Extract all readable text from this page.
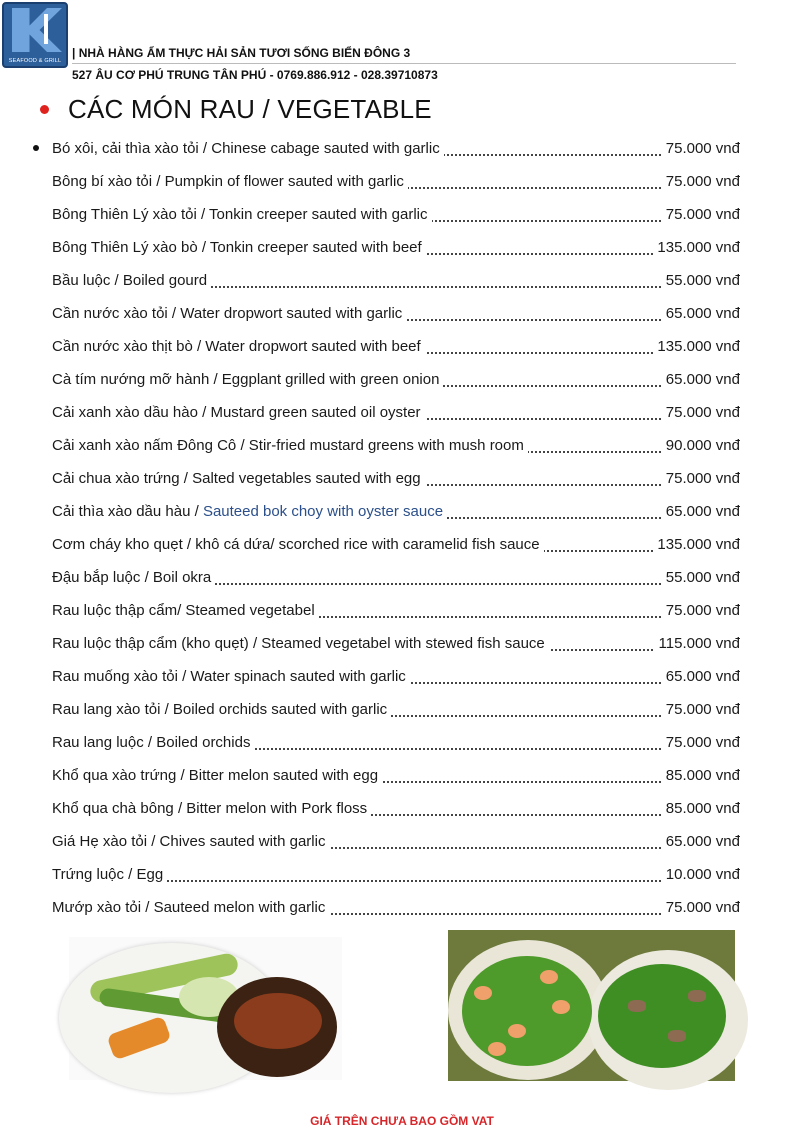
SEAFOOD & GRILL
| NHÀ HÀNG ẨM THỰC HẢI SẢN TƯƠI SỐNG BIỂN ĐÔNG 3
527 ÂU CƠ PHÚ TRUNG TÂN PHÚ - 0769.886.912 - 028.39710873
CÁC MÓN RAU / VEGETABLE
Bó xôi, cải thìa xào tỏi / Chinese cabage sauted with garlic	75.000 vnđ
Bông bí xào tỏi / Pumpkin of flower sauted with garlic	75.000 vnđ
Bông Thiên Lý xào tỏi / Tonkin creeper sauted with garlic	75.000 vnđ
Bông Thiên Lý xào bò / Tonkin creeper sauted with beef	135.000 vnđ
Bầu luộc / Boiled gourd	55.000 vnđ
Cần nước xào tỏi / Water dropwort sauted with garlic	65.000 vnđ
Cần nước xào thịt bò / Water dropwort sauted with beef	135.000 vnđ
Cà tím nướng mỡ hành / Eggplant grilled with green onion	65.000 vnđ
Cải xanh xào dầu hào / Mustard green sauted oil oyster	75.000 vnđ
Cải xanh xào nấm Đông Cô / Stir-fried mustard greens with mush room	90.000 vnđ
Cải chua xào trứng / Salted vegetables sauted with egg	75.000 vnđ
Cải thìa xào dầu hàu / Sauteed bok choy with oyster sauce	65.000 vnđ
Cơm cháy kho quẹt / khô cá dứa/ scorched rice with caramelid fish sauce	135.000 vnđ
Đậu bắp luộc / Boil okra	55.000 vnđ
Rau luộc thập cẩm/ Steamed vegetabel	75.000 vnđ
Rau luộc thập cẩm (kho quẹt) / Steamed vegetabel with stewed fish sauce	115.000 vnđ
Rau muống xào tỏi / Water spinach sauted with garlic	65.000 vnđ
Rau lang xào tỏi / Boiled orchids sauted with garlic	75.000 vnđ
Rau lang luộc / Boiled orchids	75.000 vnđ
Khổ qua xào trứng / Bitter melon sauted with egg	85.000 vnđ
Khổ qua chà bông / Bitter melon with Pork floss	85.000 vnđ
Giá Hẹ xào tỏi / Chives sauted with garlic	65.000 vnđ
Trứng luộc / Egg	10.000 vnđ
Mướp xào tỏi / Sauteed melon with garlic	75.000 vnđ
GIÁ TRÊN CHƯA BAO GỒM VAT
